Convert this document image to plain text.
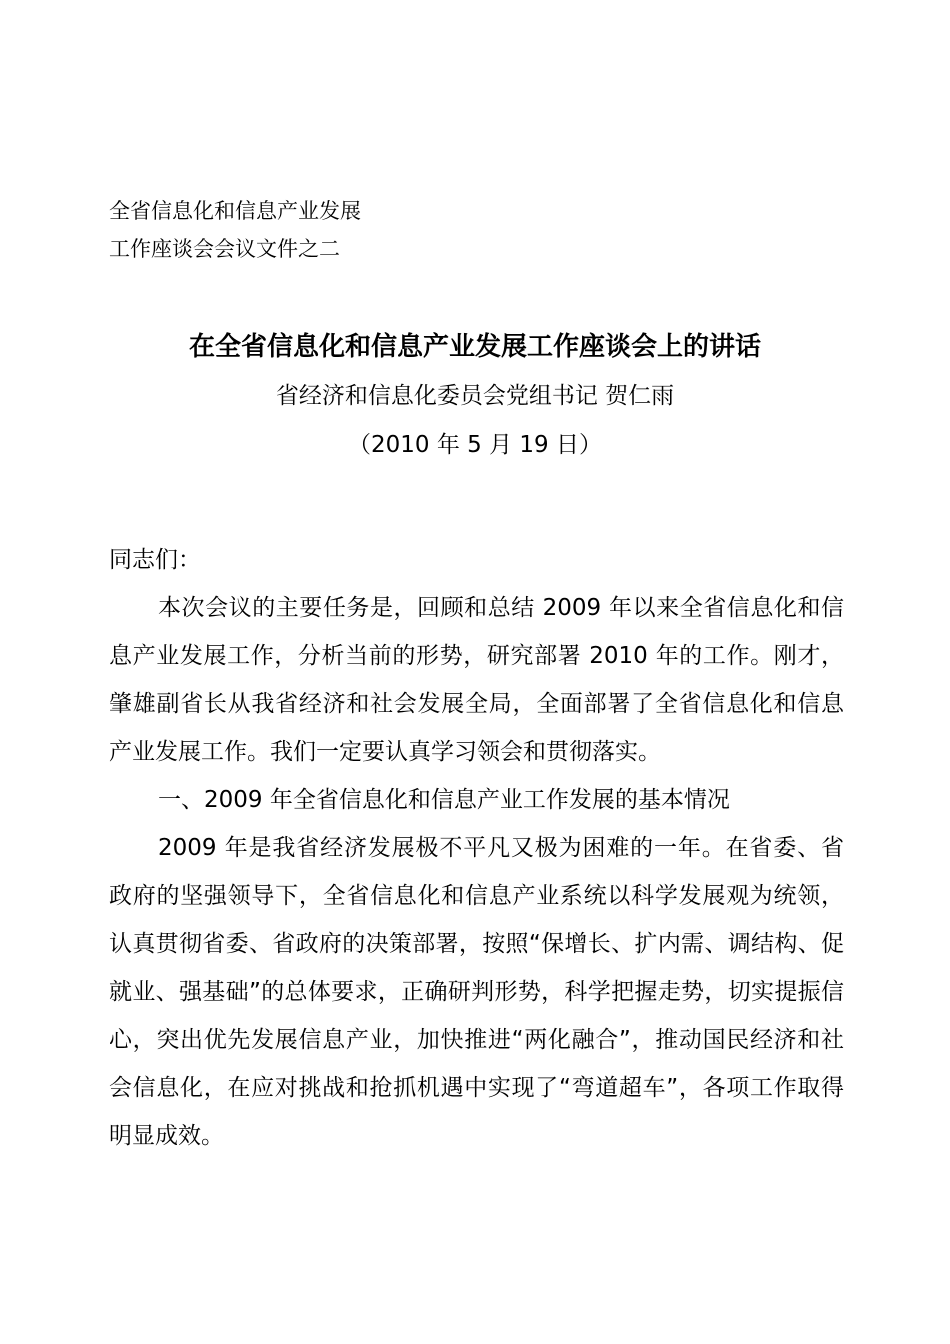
全省信息化和信息产业发展
工作座谈会会议文件之二
在全省信息化和信息产业发展工作座谈会上的讲话
省经济和信息化委员会党组书记 贺仁雨
（2010 年 5 月 19 日）

同志们：

本次会议的主要任务是，回顾和总结 2009 年以来全省信息化和信息产业发展工作，分析当前的形势，研究部署 2010 年的工作。刚才，肇雄副省长从我省经济和社会发展全局，全面部署了全省信息化和信息产业发展工作。我们一定要认真学习领会和贯彻落实。

一、2009 年全省信息化和信息产业工作发展的基本情况

2009 年是我省经济发展极不平凡又极为困难的一年。在省委、省政府的坚强领导下，全省信息化和信息产业系统以科学发展观为统领，认真贯彻省委、省政府的决策部署，按照“保增长、扩内需、调结构、促就业、强基础”的总体要求，正确研判形势，科学把握走势，切实提振信心，突出优先发展信息产业，加快推进“两化融合”，推动国民经济和社会信息化，在应对挑战和抢抓机遇中实现了“弯道超车”，各项工作取得明显成效。
